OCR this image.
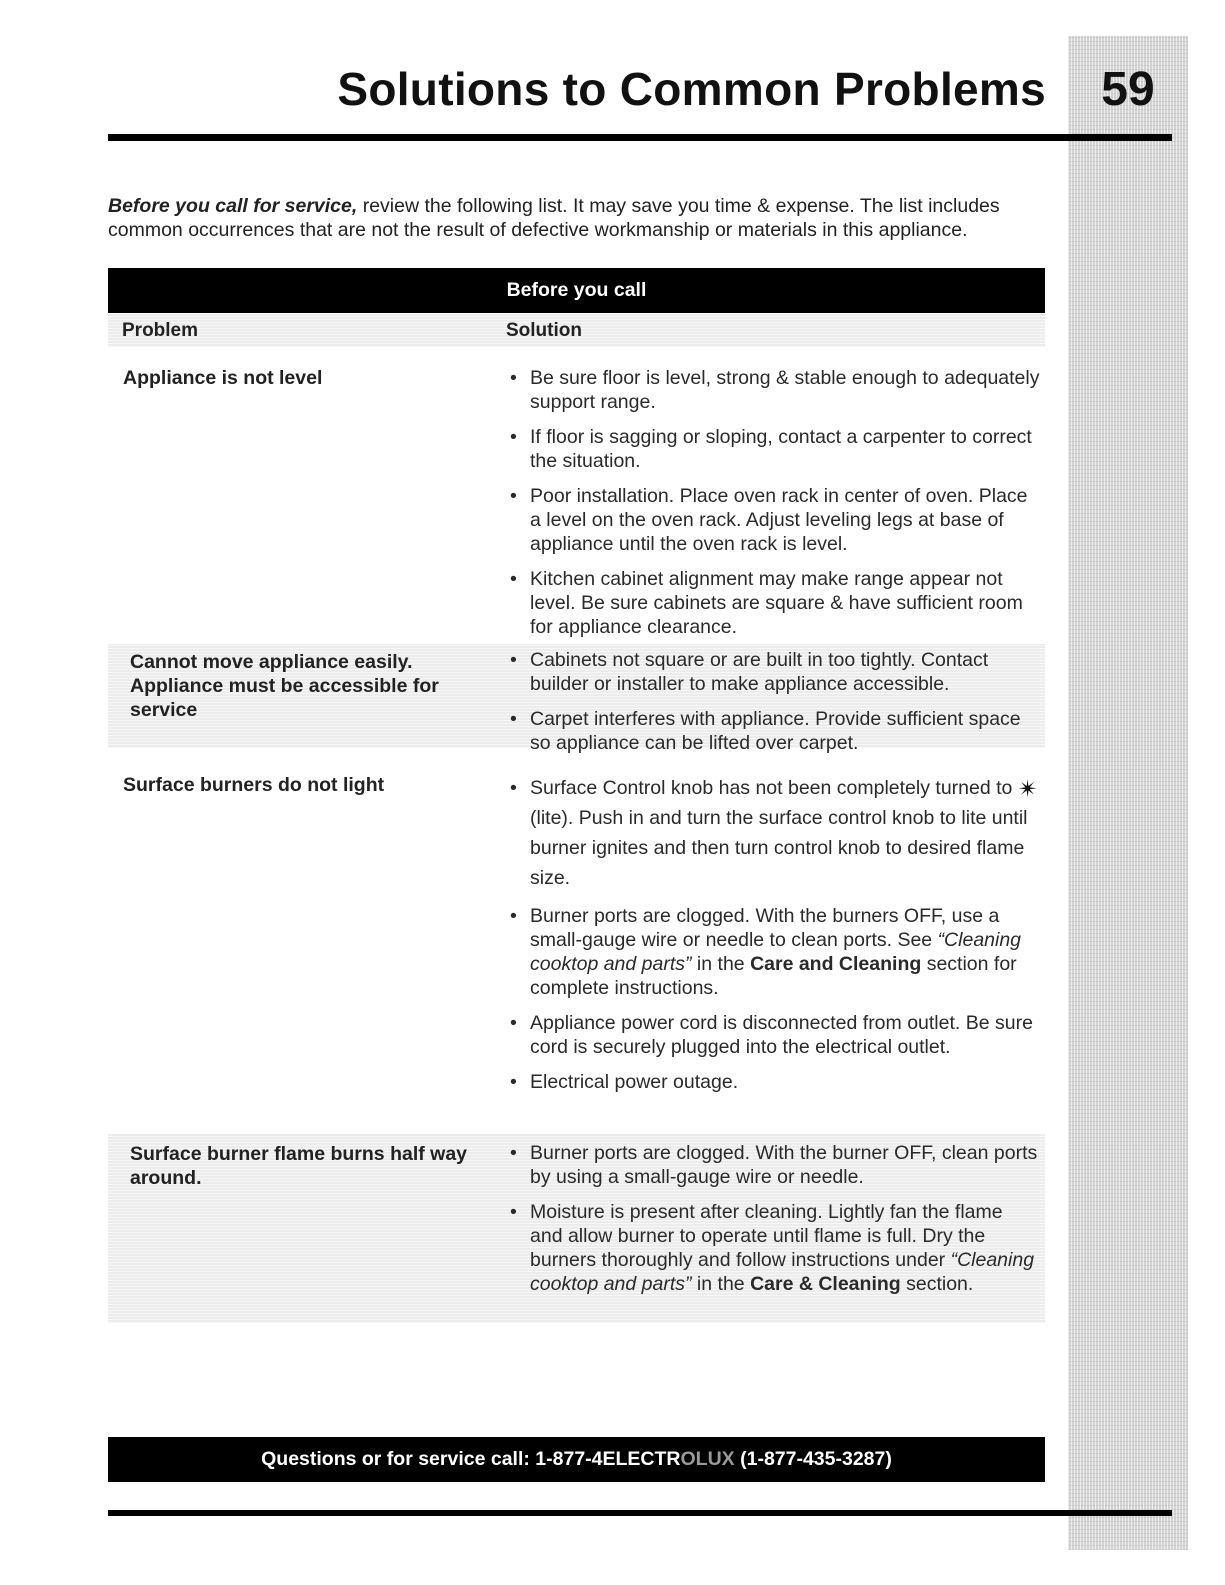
Solutions to Common Problems	59
Before you call for service, review the following list. It may save you time & expense. The list includes common occurrences that are not the result of defective workmanship or materials in this appliance.
Before you call
Problem	Solution
Appliance is not level	• Be sure floor is level, strong & stable enough to adequately support range.
• If floor is sagging or sloping, contact a carpenter to correct the situation.
• Poor installation. Place oven rack in center of oven. Place a level on the oven rack. Adjust leveling legs at base of appliance until the oven rack is level.
• Kitchen cabinet alignment may make range appear not level. Be sure cabinets are square & have sufficient room for appliance clearance.
Cannot move appliance easily. Appliance must be accessible for service
• Cabinets not square or are built in too tightly. Contact builder or installer to make appliance accessible.
• Carpet interferes with appliance. Provide sufficient space so appliance can be lifted over carpet.
Surface burners do not light	• Surface Control knob has not been completely turned to ✴(lite). Push in and turn the surface control knob to lite until burner ignites and then turn control knob to desired flame size.
• Burner ports are clogged. With the burners OFF, use a small-gauge wire or needle to clean ports. See “Cleaning cooktop and parts” in the Care and Cleaning section for complete instructions.
• Appliance power cord is disconnected from outlet. Be sure cord is securely plugged into the electrical outlet.
• Electrical power outage.
Surface burner flame burns half way around.
• Burner ports are clogged. With the burner OFF, clean ports by using a small-gauge wire or needle.
• Moisture is present after cleaning. Lightly fan the flame and allow burner to operate until flame is full. Dry the burners thoroughly and follow instructions under “Cleaning cooktop and parts” in the Care & Cleaning section.
Questions or for service call: 1-877-4ELECTR OLUX (1-877-435-3287)
